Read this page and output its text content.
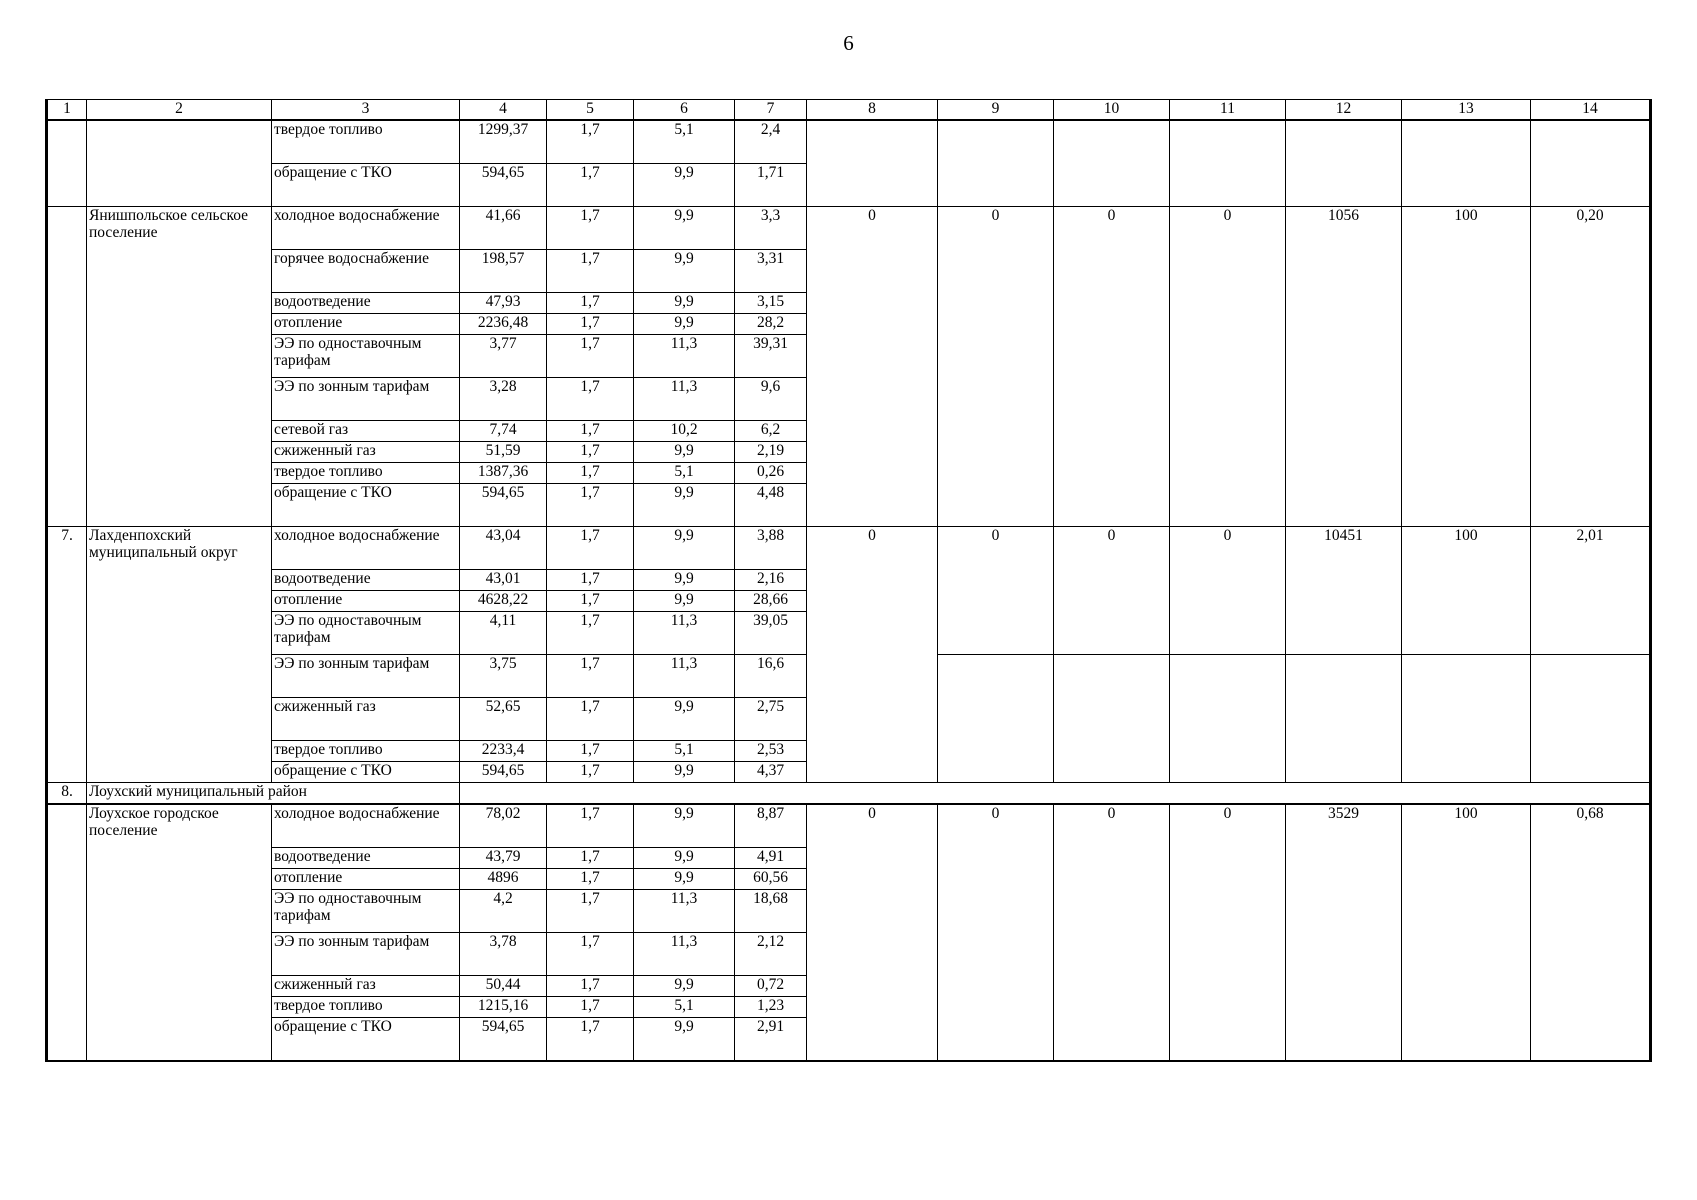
6
1	2	3	4	5	6	7	8	9	10	11	12	13	14
		твердое топливо	1299,37	1,7	5,1	2,4							
		обращение с ТКО	594,65	1,7	9,9	1,71							
	Янишпольское сельское поселение	холодное водоснабжение	41,66	1,7	9,9	3,3	0	0	0	0	1056	100	0,20
		горячее водоснабжение	198,57	1,7	9,9	3,31							
		водоотведение	47,93	1,7	9,9	3,15							
		отопление	2236,48	1,7	9,9	28,2							
		ЭЭ по одноставочным тарифам	3,77	1,7	11,3	39,31							
		ЭЭ по зонным тарифам	3,28	1,7	11,3	9,6							
		сетевой газ	7,74	1,7	10,2	6,2							
		сжиженный газ	51,59	1,7	9,9	2,19							
		твердое топливо	1387,36	1,7	5,1	0,26							
		обращение с ТКО	594,65	1,7	9,9	4,48							
7.	Лахденпохский муниципальный округ	холодное водоснабжение	43,04	1,7	9,9	3,88	0	0	0	0	10451	100	2,01
		водоотведение	43,01	1,7	9,9	2,16							
		отопление	4628,22	1,7	9,9	28,66							
		ЭЭ по одноставочным тарифам	4,11	1,7	11,3	39,05							
		ЭЭ по зонным тарифам	3,75	1,7	11,3	16,6							
		сжиженный газ	52,65	1,7	9,9	2,75							
		твердое топливо	2233,4	1,7	5,1	2,53							
		обращение с ТКО	594,65	1,7	9,9	4,37							
8.	Лоухский муниципальный район												
	Лоухское городское поселение	холодное водоснабжение	78,02	1,7	9,9	8,87	0	0	0	0	3529	100	0,68
		водоотведение	43,79	1,7	9,9	4,91							
		отопление	4896	1,7	9,9	60,56							
		ЭЭ по одноставочным тарифам	4,2	1,7	11,3	18,68							
		ЭЭ по зонным тарифам	3,78	1,7	11,3	2,12							
		сжиженный газ	50,44	1,7	9,9	0,72							
		твердое топливо	1215,16	1,7	5,1	1,23							
		обращение с ТКО	594,65	1,7	9,9	2,91							
